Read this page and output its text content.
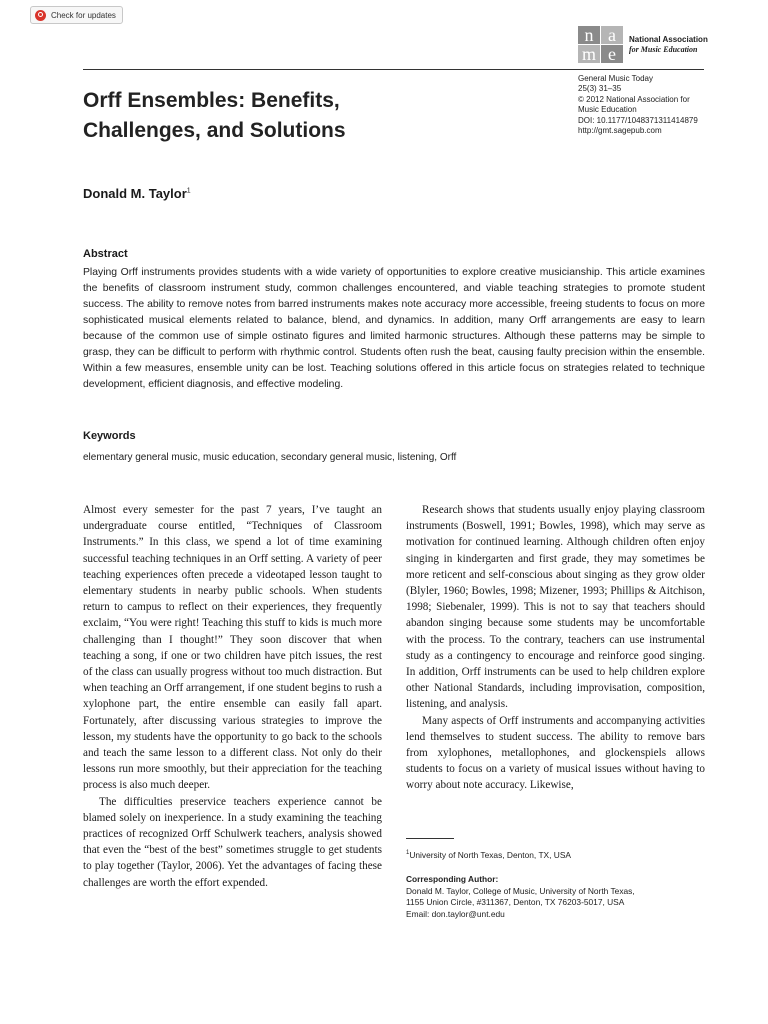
Check for updates
n a
m e
National Association
for Music Education
General Music Today
25(3) 31–35
© 2012 National Association for
Music Education
DOI: 10.1177/1048371311414879
http://gmt.sagepub.com
Orff Ensembles: Benefits,
Challenges, and Solutions

Donald M. Taylor$^1$

Abstract

Playing Orff instruments provides students with a wide variety of opportunities to explore creative musicianship. This article examines the benefits of classroom instrument study, common challenges encountered, and viable teaching strategies to promote student success. The ability to remove notes from barred instruments makes note accuracy more accessible, freeing students to focus on more sophisticated musical elements related to balance, blend, and dynamics. In addition, many Orff arrangements are easy to learn because of the common use of simple ostinato figures and limited harmonic structures. Although these patterns may be simple to grasp, they can be difficult to perform with rhythmic control. Students often rush the beat, causing faulty precision within the ensemble. Within a few measures, ensemble unity can be lost. Teaching solutions offered in this article focus on strategies related to technique development, efficient diagnosis, and effective modeling.

Keywords

elementary general music, music education, secondary general music, listening, Orff

Almost every semester for the past 7 years, I’ve taught an undergraduate course entitled, “Techniques of Classroom Instruments.” In this class, we spend a lot of time examining successful teaching techniques in an Orff setting. A variety of peer teaching experiences often precede a videotaped lesson taught to elementary students in nearby public schools. When students return to campus to reflect on their experiences, they frequently exclaim, “You were right! Teaching this stuff to kids is much more challenging than I thought!” They soon discover that when teaching a song, if one or two children have pitch issues, the rest of the class can usually progress without too much distraction. But when teaching an Orff arrangement, if one student begins to rush a xylophone part, the entire ensemble can easily fall apart. Fortunately, after discussing various strategies to improve the lesson, my students have the opportunity to go back to the schools and teach the same lesson to a different class. Not only do their lessons run more smoothly, but their appreciation for the teaching process is also much deeper.

The difficulties preservice teachers experience cannot be blamed solely on inexperience. In a study examining the teaching practices of recognized Orff Schulwerk teachers, analysis showed that even the “best of the best” sometimes struggle to get students to play together (Taylor, 2006). Yet the advantages of facing these challenges are worth the effort expended.

Research shows that students usually enjoy playing classroom instruments (Boswell, 1991; Bowles, 1998), which may serve as motivation for continued learning. Although children often enjoy singing in kindergarten and first grade, they may sometimes be more reticent and self-conscious about singing as they grow older (Blyler, 1960; Bowles, 1998; Mizener, 1993; Phillips & Aitchison, 1998; Siebenaler, 1999). This is not to say that teachers should abandon singing because some students may be uncomfortable with the process. To the contrary, teachers can use instrumental study as a contingency to encourage and reinforce good singing. In addition, Orff instruments can be used to help children explore other National Standards, including improvisation, composition, listening, and analysis.

Many aspects of Orff instruments and accompanying activities lend themselves to student success. The ability to remove bars from xylophones, metallophones, and glockenspiels allows students to focus on a variety of musical issues without having to worry about note accuracy. Likewise,

$^1$University of North Texas, Denton, TX, USA

Corresponding Author:
Donald M. Taylor, College of Music, University of North Texas,
1155 Union Circle, #311367, Denton, TX 76203-5017, USA
Email: don.taylor@unt.edu
